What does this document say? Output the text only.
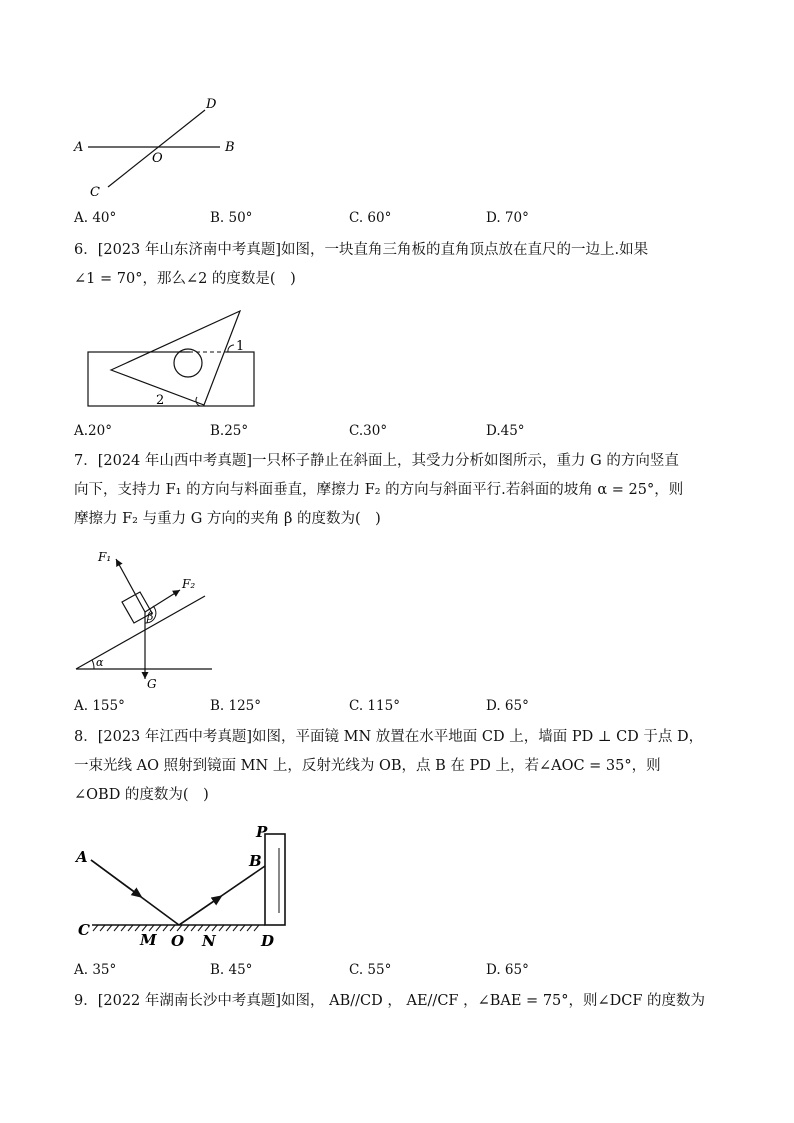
A	B
O
C
D
A. 40°	B. 50°	C. 60°	D. 70°
6．[2023 年山东济南中考真题]如图，一块直角三角板的直角顶点放在直尺的一边上.如果
∠1 = 70°，那么∠2 的度数是(　)
1
2
A.20°	B.25°	C.30°	D.45°
7．[2024 年山西中考真题]一只杯子静止在斜面上，其受力分析如图所示，重力 G 的方向竖直
向下，支持力 F₁ 的方向与料面垂直，摩擦力 F₂ 的方向与斜面平行.若斜面的坡角 α = 25°，则
摩擦力 F₂ 与重力 G 方向的夹角 β 的度数为(　)
F₁
F₂
G
α
β
A. 155°	B. 125°	C. 115°	D. 65°
8．[2023 年江西中考真题]如图，平面镜 MN 放置在水平地面 CD 上，墙面 PD ⊥ CD 于点 D，
一束光线 AO 照射到镜面 MN 上，反射光线为 OB，点 B 在 PD 上，若∠AOC = 35°，则
∠OBD 的度数为(　)
A	B
P
C
M O N	D
A. 35°	B. 45°	C. 55°	D. 65°
9．[2022 年湖南长沙中考真题]如图， AB//CD ， AE//CF ，∠BAE = 75°，则∠DCF 的度数为
